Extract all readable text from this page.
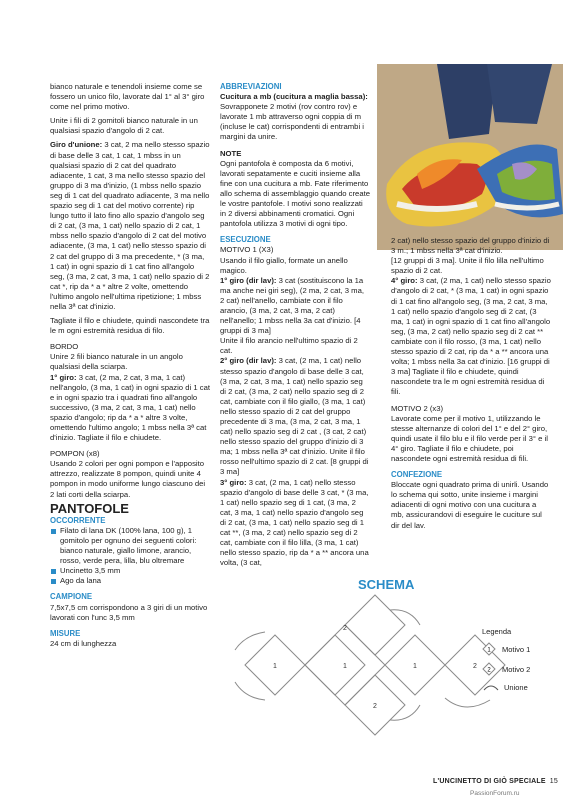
bianco naturale e tenendoli insieme come se fossero un unico filo, lavorate dal 1° al 3° giro come nel primo motivo.

Unite i fili di 2 gomitoli bianco naturale in un qualsiasi spazio d'angolo di 2 cat.

Giro d'unione: 3 cat, 2 ma nello stesso spazio di base delle 3 cat, 1 cat, 1 mbss in un qualsiasi spazio di 2 cat del quadrato adiacente, 1 cat, 3 ma nello stesso spazio del gruppo di 3 ma d'inizio, (1 mbss nello spazio seg di 1 cat del quadrato adiacente, 3 ma nello spazio seg di 1 cat del motivo corrente) rip lungo tutto il lato fino allo spazio d'angolo seg di 2 cat, (3 ma, 1 cat) nello spazio di 2 cat, 1 mbss nello spazio d'angolo di 2 cat del motivo adiacente, (3 ma, 1 cat) nello stesso spazio di 2 cat del gruppo di 3 ma precedente, * (3 ma, 1 cat) in ogni spazio di 1 cat fino all'angolo seg, (3 ma, 2 cat, 3 ma, 1 cat) nello spazio di 2 cat *, rip da * a * altre 2 volte, omettendo l'ultimo angolo nell'ultima ripetizione; 1 mbss nella 3ª cat d'inizio.

Tagliate il filo e chiudete, quindi nascondete tra le m ogni estremità residua di filo.

BORDO

Unire 2 fili bianco naturale in un angolo qualsiasi della sciarpa.

1° giro: 3 cat, (2 ma, 2 cat, 3 ma, 1 cat) nell'angolo, (3 ma, 1 cat) in ogni spazio di 1 cat e in ogni spazio tra i quadrati fino all'angolo successivo, (3 ma, 2 cat, 3 ma, 1 cat) nello spazio d'angolo; rip da * a * altre 3 volte, omettendo l'ultimo angolo; 1 mbss nella 3ª cat d'inizio. Tagliate il filo e chiudete.

POMPON (x8)

Usando 2 colori per ogni pompon e l'apposito attrezzo, realizzate 8 pompon, quindi unite 4 pompon in modo uniforme lungo ciascuno dei 2 lati corti della sciarpa.

PANTOFOLE
OCCORRENTE
Filato di lana DK (100% lana, 100 g), 1 gomitolo per ognuno dei seguenti colori: bianco naturale, giallo limone, arancio, rosso, verde pera, lilla, blu oltremare
Uncinetto 3,5 mm
Ago da lana
CAMPIONE

7,5x7,5 cm corrispondono a 3 giri di un motivo lavorati con l'unc 3,5 mm

MISURE

24 cm di lunghezza

ABBREVIAZIONI

Cucitura a mb (cucitura a maglia bassa): Sovrapponete 2 motivi (rov contro rov) e lavorate 1 mb attraverso ogni coppia di m (incluse le cat) corrispondenti di entrambi i margini da unire.

NOTE

Ogni pantofola è composta da 6 motivi, lavorati sepatamente e cuciti insieme alla fine con una cucitura a mb. Fate riferimento allo schema di assemblaggio quando create le vostre pantofole. I motivi sono realizzati in 2 diversi abbinamenti cromatici. Ogni pantofola utilizza 3 motivi di ogni tipo.

ESECUZIONE

MOTIVO 1 (X3)

Usando il filo giallo, formate un anello magico.

1° giro (dir lav): 3 cat (sostituiscono la 1a ma anche nei giri seg), (2 ma, 2 cat, 3 ma, 2 cat) nell'anello, cambiate con il filo arancio, (3 ma, 2 cat, 3 ma, 2 cat) nell'anello; 1 mbss nella 3a cat d'inizio. [4 gruppi di 3 ma]

Unite il filo arancio nell'ultimo spazio di 2 cat.

2° giro (dir lav): 3 cat, (2 ma, 1 cat) nello stesso spazio d'angolo di base delle 3 cat, (3 ma, 2 cat, 3 ma, 1 cat) nello spazio seg di 2 cat, (3 ma, 2 cat) nello spazio seg di 2 cat, cambiate con il filo giallo, (3 ma, 1 cat) nello stesso spazio di 2 cat del gruppo precedente di 3 ma, (3 ma, 2 cat, 3 ma, 1 cat) nello spazio seg di 2 cat , (3 cat, 2 cat) nello stesso spazio del gruppo d'inizio di 3 ma; 1 mbss nella 3ª cat d'inizio. Unite il filo rosso nell'ultimo spazio di 2 cat. [8 gruppi di 3 ma]

3° giro: 3 cat, (2 ma, 1 cat) nello stesso spazio d'angolo di base delle 3 cat, * (3 ma, 1 cat) nello spazio seg di 1 cat, (3 ma, 2 cat, 3 ma, 1 cat) nello spazio d'angolo seg di 2 cat, (3 ma, 1 cat) nello spazio seg di 1 cat **, (3 ma, 2 cat) nello spazio seg di 2 cat, cambiate con il filo lilla, (3 ma, 1 cat) nello stesso spazio, rip da * a ** ancora una volta, (3 cat,

2 cat) nello stesso spazio del gruppo d'inizio di 3 m.; 1 mbss nella 3ª cat d'inizio.

[12 gruppi di 3 ma]. Unite il filo lilla nell'ultimo spazio di 2 cat.

4° giro: 3 cat, (2 ma, 1 cat) nello stesso spazio d'angolo di 2 cat, * (3 ma, 1 cat) in ogni spazio di 1 cat fino all'angolo seg, (3 ma, 2 cat, 3 ma, 1 cat) nello spazio d'angolo seg di 2 cat, (3 ma, 1 cat) in ogni spazio di 1 cat fino all'angolo seg, (3 ma, 2 cat) nello spazio seg di 2 cat ** cambiate con il filo rosso, (3 ma, 1 cat) nello stesso spazio di 2 cat, rip da * a ** ancora una volta; 1 mbss nella 3a cat d'inizio. [16 gruppi di 3 ma] Tagliate il filo e chiudete, quindi nascondete tra le m ogni estremità residua di fili.

MOTIVO 2 (x3)

Lavorate come per il motivo 1, utilizzando le stesse alternanze di colori del 1° e del 2° giro, quindi usate il filo blu e il filo verde per il 3° e il 4° giro. Tagliate il filo e chiudete, poi nascondete ogni estremità residua di fili.

CONFEZIONE

Bloccate ogni quadrato prima di unirli. Usando lo schema qui sotto, unite insieme i margini adiacenti di ogni motivo con una cucitura a mb, assicurandovi di eseguire le cuciture sul dir del lav.

SCHEMA
1
2
1	1
2
2
Legenda
1 Motivo 1
2 Motivo 2
Unione
L'UNCINETTO DI GIÒ SPECIALE 15
PassionForum.ru
